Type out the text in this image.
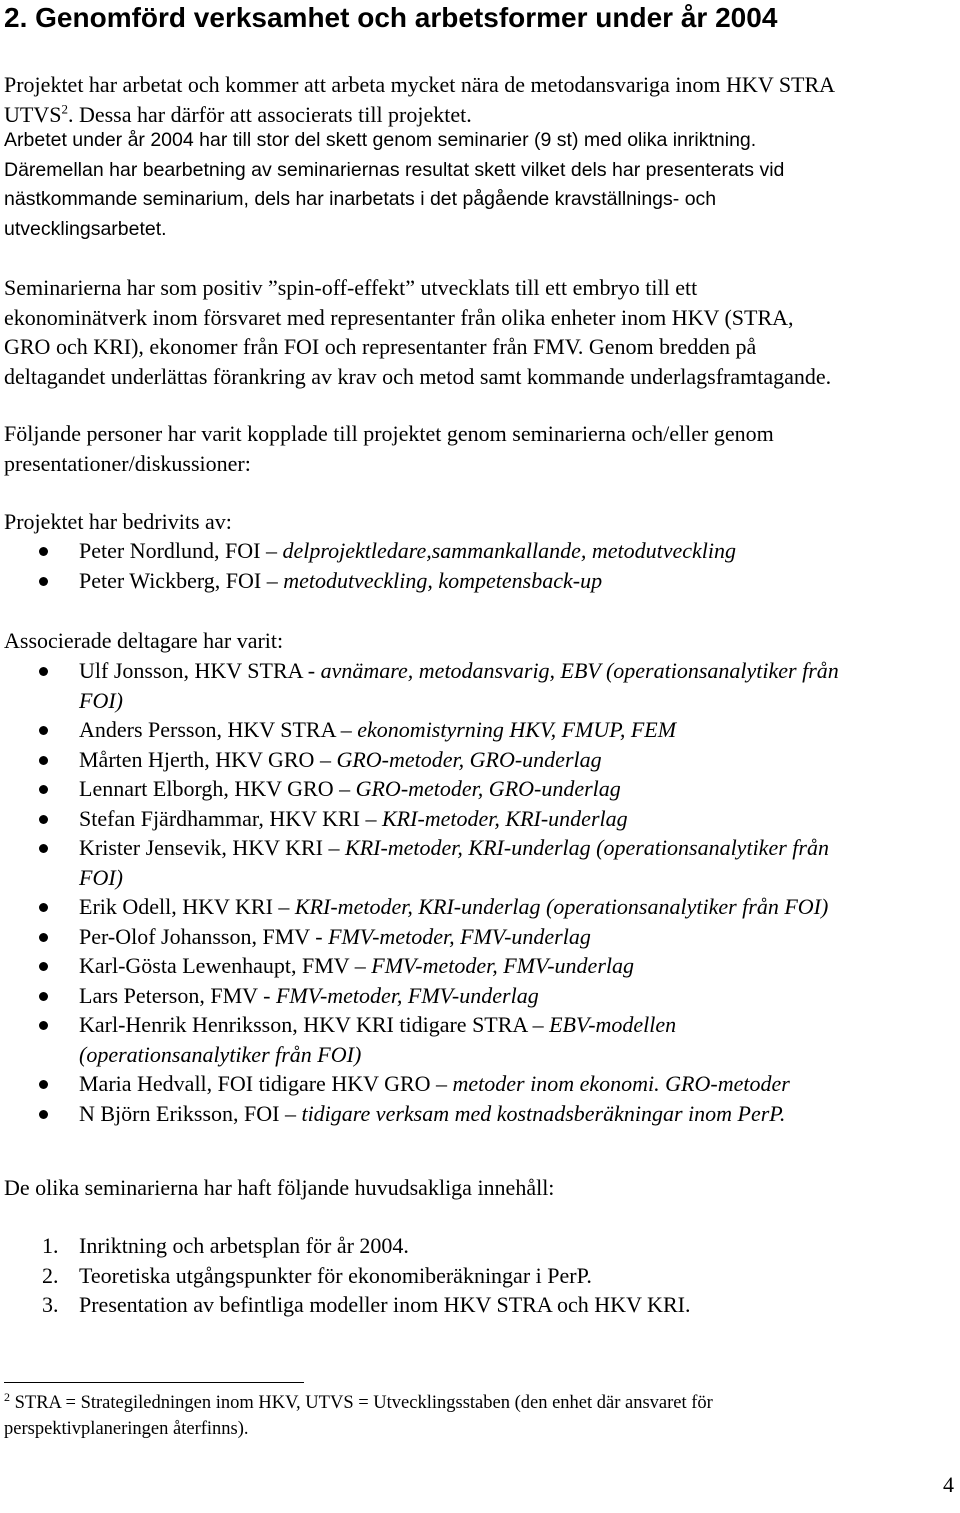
2. Genomförd verksamhet och arbetsformer under år 2004

Projektet har arbetat och kommer att arbeta mycket nära de metodansvariga inom HKV STRA
UTVS$^2$. Dessa har därför att associerats till projektet.

Arbetet under år 2004 har till stor del skett genom seminarier (9 st) med olika inriktning.
Däremellan har bearbetning av seminariernas resultat skett vilket dels har presenterats vid
nästkommande seminarium, dels har inarbetats i det pågående kravställnings- och
utvecklingsarbetet.

Seminarierna har som positiv ”spin-off-effekt” utvecklats till ett embryo till ett
ekonominätverk inom försvaret med representanter från olika enheter inom HKV (STRA,
GRO och KRI), ekonomer från FOI och representanter från FMV. Genom bredden på
deltagandet underlättas förankring av krav och metod samt kommande underlagsframtagande.

Följande personer har varit kopplade till projektet genom seminarierna och/eller genom
presentationer/diskussioner:

Projektet har bedrivits av:

Peter Nordlund, FOI – delprojektledare,sammankallande, metodutveckling
Peter Wickberg, FOI – metodutveckling, kompetensback-up

Associerade deltagare har varit:

Ulf Jonsson, HKV STRA - avnämare, metodansvarig, EBV (operationsanalytiker från
FOI)
Anders Persson, HKV STRA – ekonomistyrning HKV, FMUP, FEM
Mårten Hjerth, HKV GRO – GRO-metoder, GRO-underlag
Lennart Elborgh, HKV GRO – GRO-metoder, GRO-underlag
Stefan Fjärdhammar, HKV KRI – KRI-metoder, KRI-underlag
Krister Jensevik, HKV KRI – KRI-metoder, KRI-underlag (operationsanalytiker från
FOI)
Erik Odell, HKV KRI – KRI-metoder, KRI-underlag (operationsanalytiker från FOI)
Per-Olof Johansson, FMV - FMV-metoder, FMV-underlag
Karl-Gösta Lewenhaupt, FMV – FMV-metoder, FMV-underlag
Lars Peterson, FMV - FMV-metoder, FMV-underlag
Karl-Henrik Henriksson, HKV KRI tidigare STRA – EBV-modellen
(operationsanalytiker från FOI)
Maria Hedvall, FOI tidigare HKV GRO – metoder inom ekonomi. GRO-metoder
N Björn Eriksson, FOI – tidigare verksam med kostnadsberäkningar inom PerP.

De olika seminarierna har haft följande huvudsakliga innehåll:

1. Inriktning och arbetsplan för år 2004.
2. Teoretiska utgångspunkter för ekonomiberäkningar i PerP.
3. Presentation av befintliga modeller inom HKV STRA och HKV KRI.

$^2$ STRA = Strategiledningen inom HKV, UTVS = Utvecklingsstaben (den enhet där ansvaret för
perspektivplaneringen återfinns).

4
